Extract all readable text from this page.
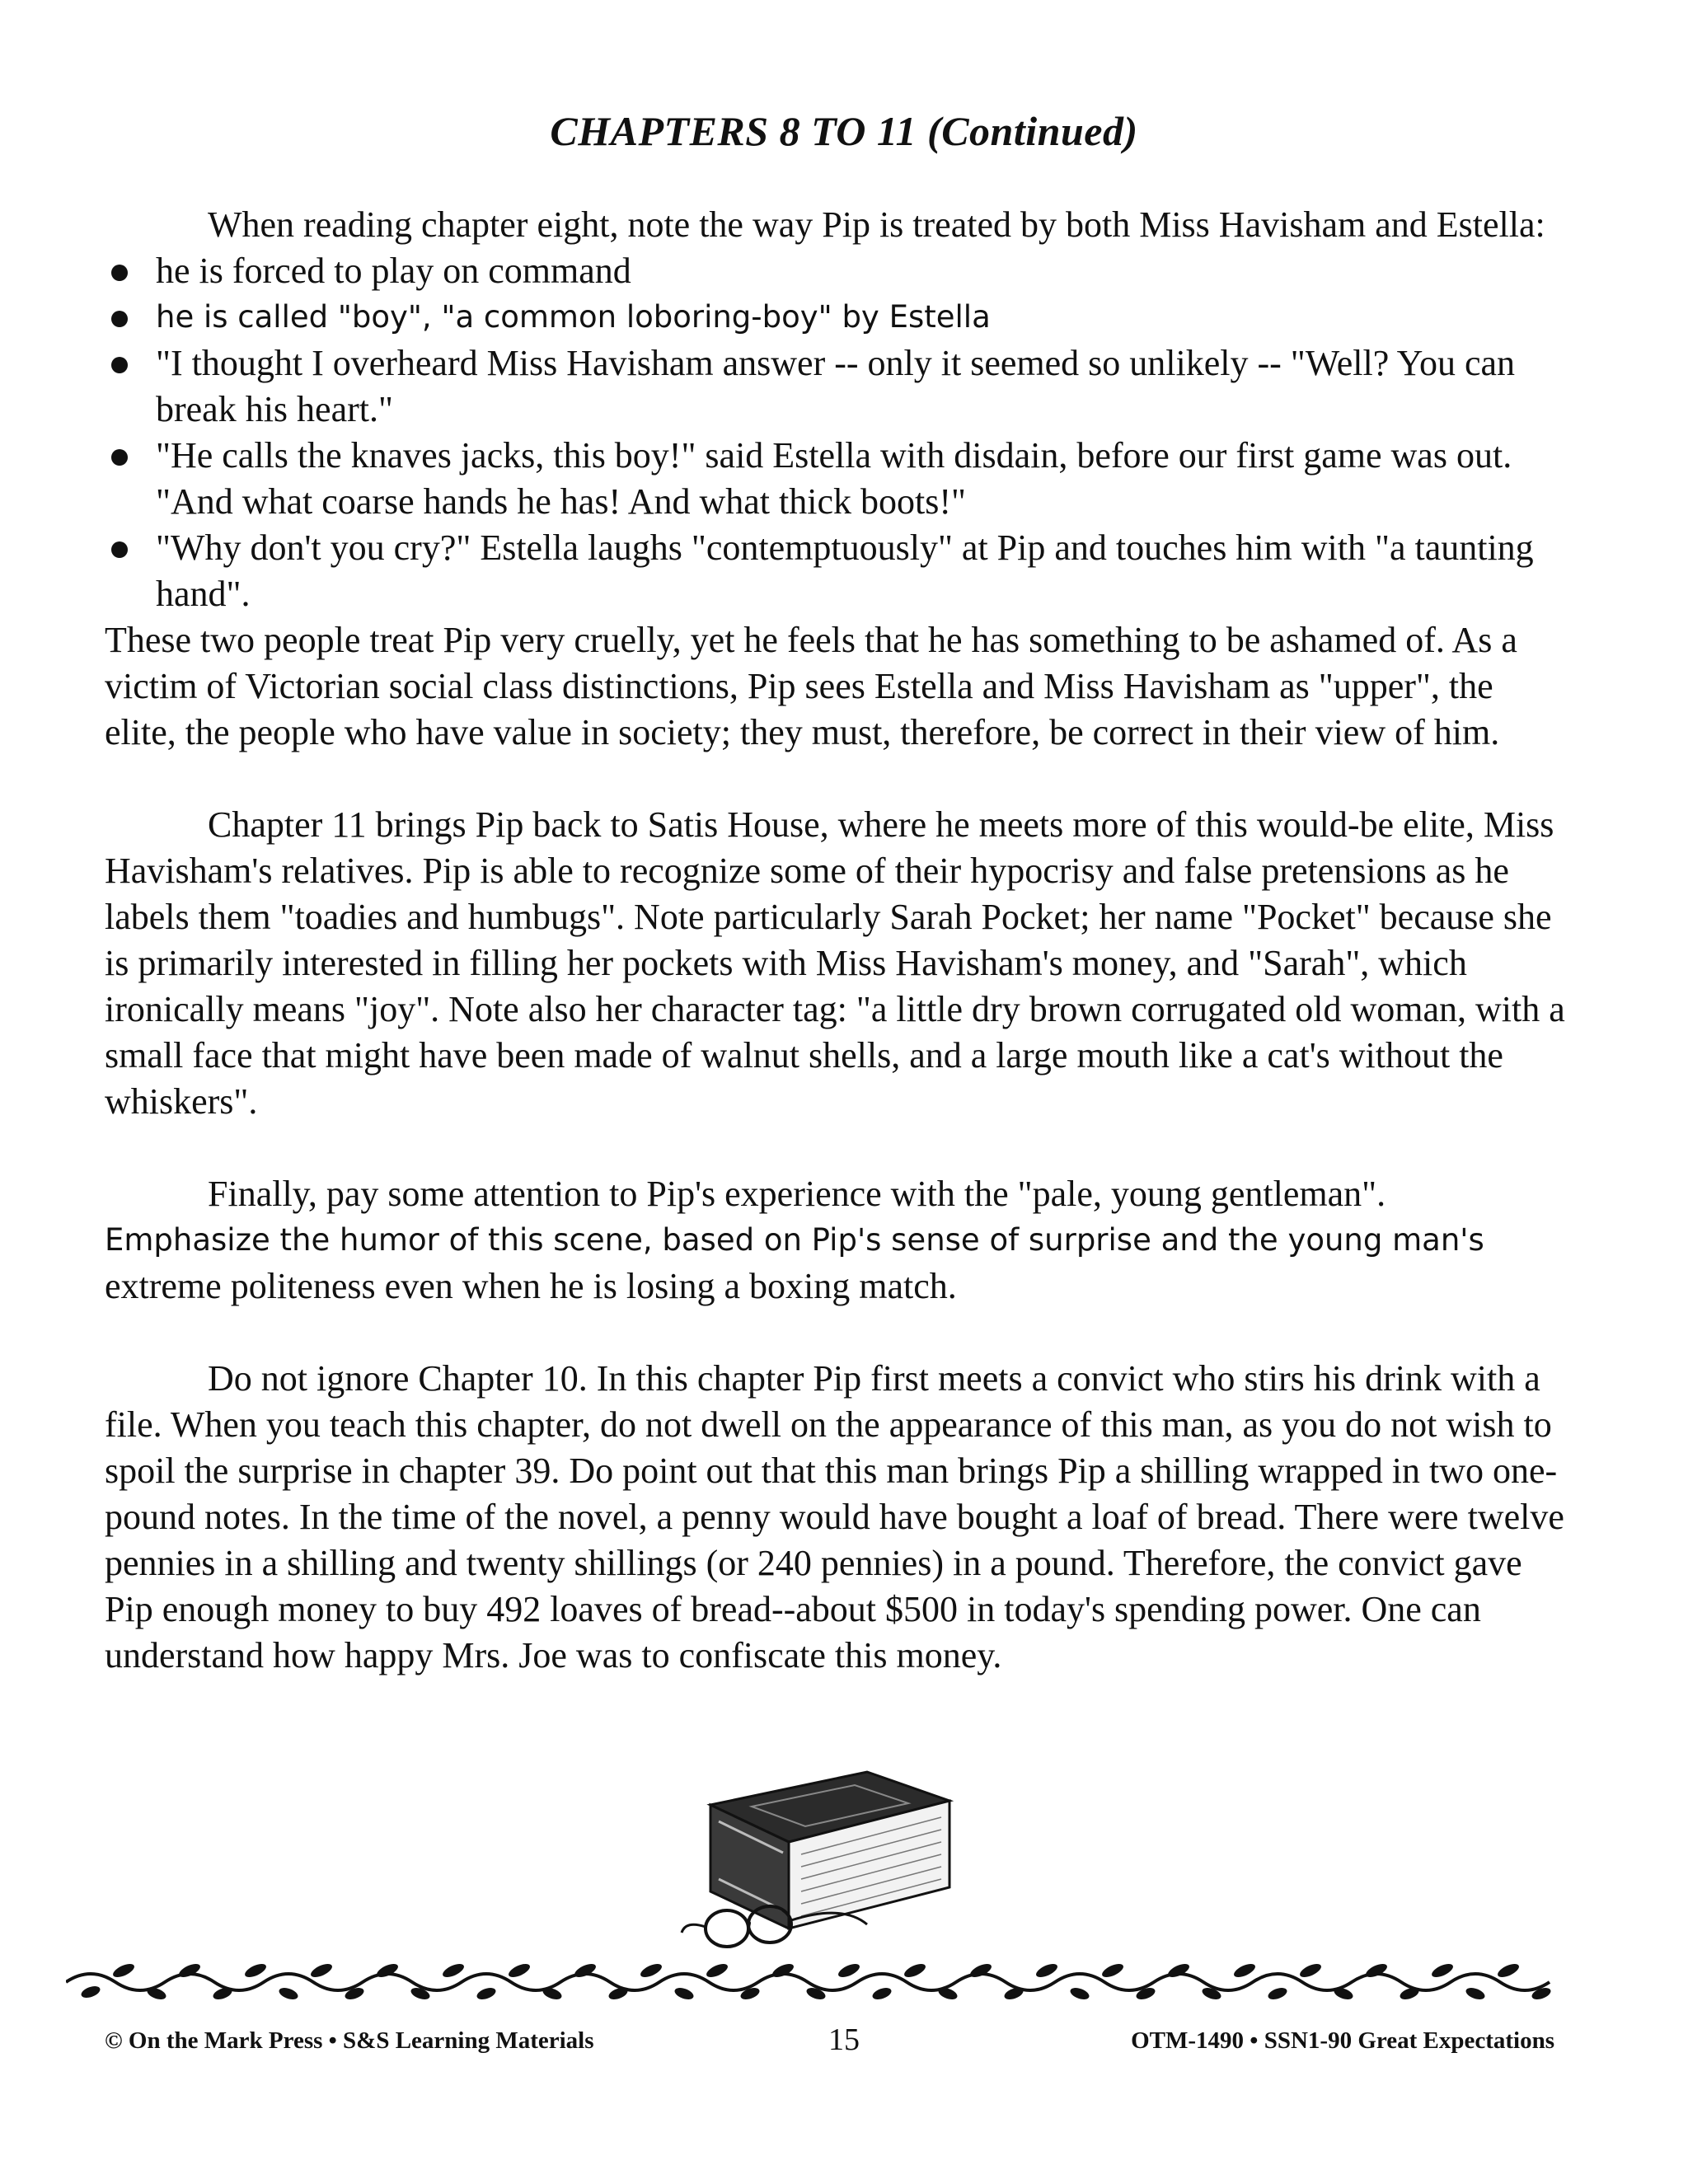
CHAPTERS 8 TO 11 (Continued)

When reading chapter eight, note the way Pip is treated by both Miss Havisham and Estella:

he is forced to play on command
he is called "boy", "a common loboring-boy" by Estella
"I thought I overheard Miss Havisham answer -- only it seemed so unlikely -- "Well? You can break his heart."
"He calls the knaves jacks, this boy!" said Estella with disdain, before our first game was out. "And what coarse hands he has! And what thick boots!"
"Why don't you cry?" Estella laughs "contemptuously" at Pip and touches him with "a taunting hand".

These two people treat Pip very cruelly, yet he feels that he has something to be ashamed of. As a victim of Victorian social class distinctions, Pip sees Estella and Miss Havisham as "upper", the elite, the people who have value in society; they must, therefore, be correct in their view of him.

Chapter 11 brings Pip back to Satis House, where he meets more of this would-be elite, Miss Havisham's relatives. Pip is able to recognize some of their hypocrisy and false pretensions as he labels them "toadies and humbugs". Note particularly Sarah Pocket; her name "Pocket" because she is primarily interested in filling her pockets with Miss Havisham's money, and "Sarah", which ironically means "joy". Note also her character tag: "a little dry brown corrugated old woman, with a small face that might have been made of walnut shells, and a large mouth like a cat's without the whiskers".

Finally, pay some attention to Pip's experience with the "pale, young gentleman".

Emphasize the humor of this scene, based on Pip's sense of surprise and the young man's

extreme politeness even when he is losing a boxing match.

Do not ignore Chapter 10. In this chapter Pip first meets a convict who stirs his drink with a file. When you teach this chapter, do not dwell on the appearance of this man, as you do not wish to spoil the surprise in chapter 39. Do point out that this man brings Pip a shilling wrapped in two one-pound notes. In the time of the novel, a penny would have bought a loaf of bread. There were twelve pennies in a shilling and twenty shillings (or 240 pennies) in a pound. Therefore, the convict gave Pip enough money to buy 492 loaves of bread--about $500 in today's spending power. One can understand how happy Mrs. Joe was to confiscate this money.

© On the Mark Press • S&S Learning Materials	15	OTM-1490 • SSN1-90 Great Expectations
